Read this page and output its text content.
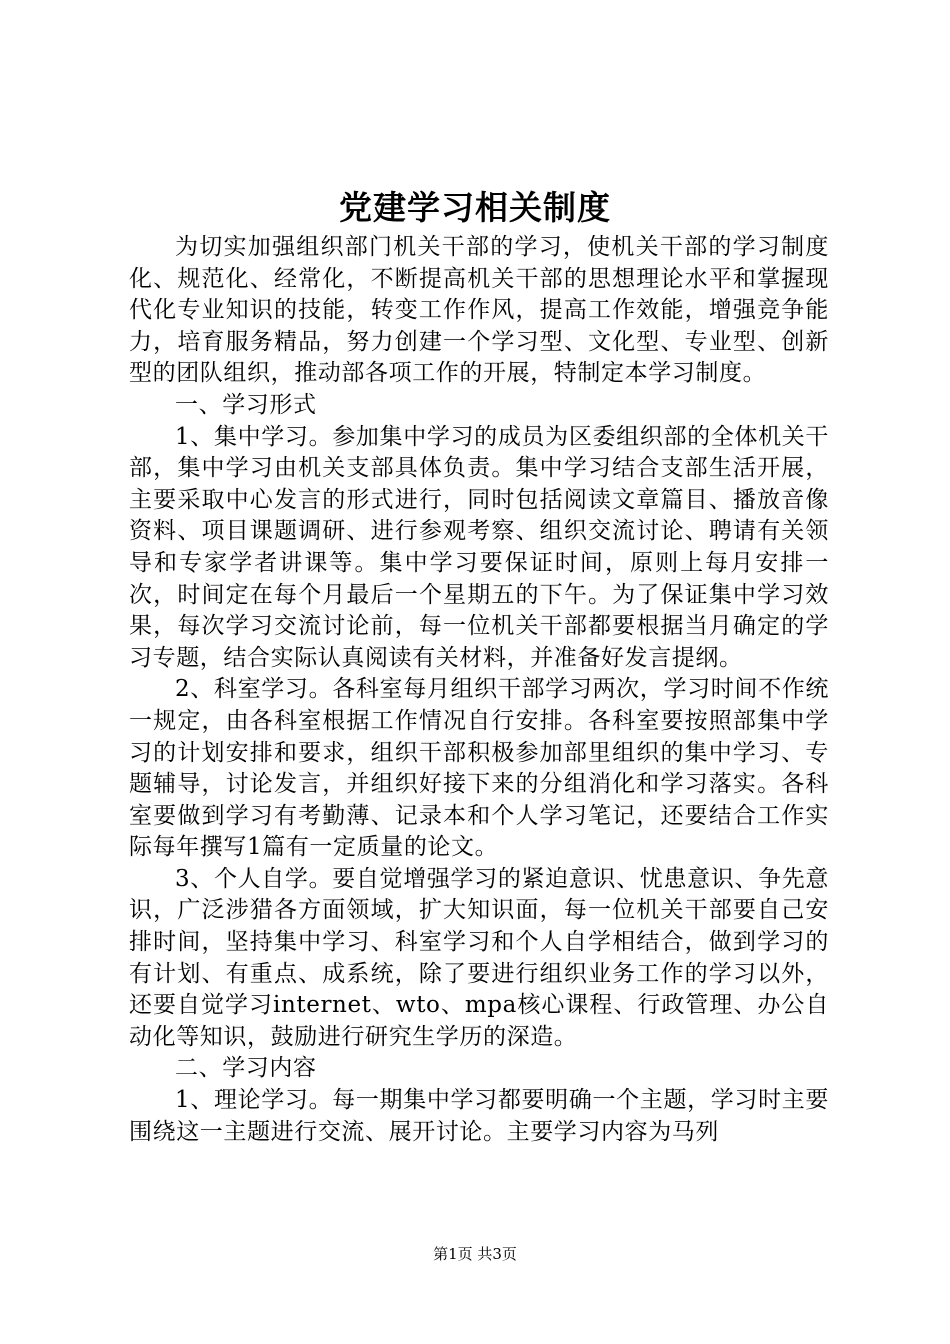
党建学习相关制度

为切实加强组织部门机关干部的学习，使机关干部的学习制度化、规范化、经常化，不断提高机关干部的思想理论水平和掌握现代化专业知识的技能，转变工作作风，提高工作效能，增强竞争能力，培育服务精品，努力创建一个学习型、文化型、专业型、创新型的团队组织，推动部各项工作的开展，特制定本学习制度。

一、学习形式

1、集中学习。参加集中学习的成员为区委组织部的全体机关干部，集中学习由机关支部具体负责。集中学习结合支部生活开展，主要采取中心发言的形式进行，同时包括阅读文章篇目、播放音像资料、项目课题调研、进行参观考察、组织交流讨论、聘请有关领导和专家学者讲课等。集中学习要保证时间，原则上每月安排一次，时间定在每个月最后一个星期五的下午。为了保证集中学习效果，每次学习交流讨论前，每一位机关干部都要根据当月确定的学习专题，结合实际认真阅读有关材料，并准备好发言提纲。

2、科室学习。各科室每月组织干部学习两次，学习时间不作统一规定，由各科室根据工作情况自行安排。各科室要按照部集中学习的计划安排和要求，组织干部积极参加部里组织的集中学习、专题辅导，讨论发言，并组织好接下来的分组消化和学习落实。各科室要做到学习有考勤薄、记录本和个人学习笔记，还要结合工作实际每年撰写1篇有一定质量的论文。

3、个人自学。要自觉增强学习的紧迫意识、忧患意识、争先意识，广泛涉猎各方面领域，扩大知识面，每一位机关干部要自己安排时间，坚持集中学习、科室学习和个人自学相结合，做到学习的有计划、有重点、成系统，除了要进行组织业务工作的学习以外，还要自觉学习internet、wto、mpa核心课程、行政管理、办公自动化等知识，鼓励进行研究生学历的深造。

二、学习内容

1、理论学习。每一期集中学习都要明确一个主题，学习时主要围绕这一主题进行交流、展开讨论。主要学习内容为马列

第1页 共3页
